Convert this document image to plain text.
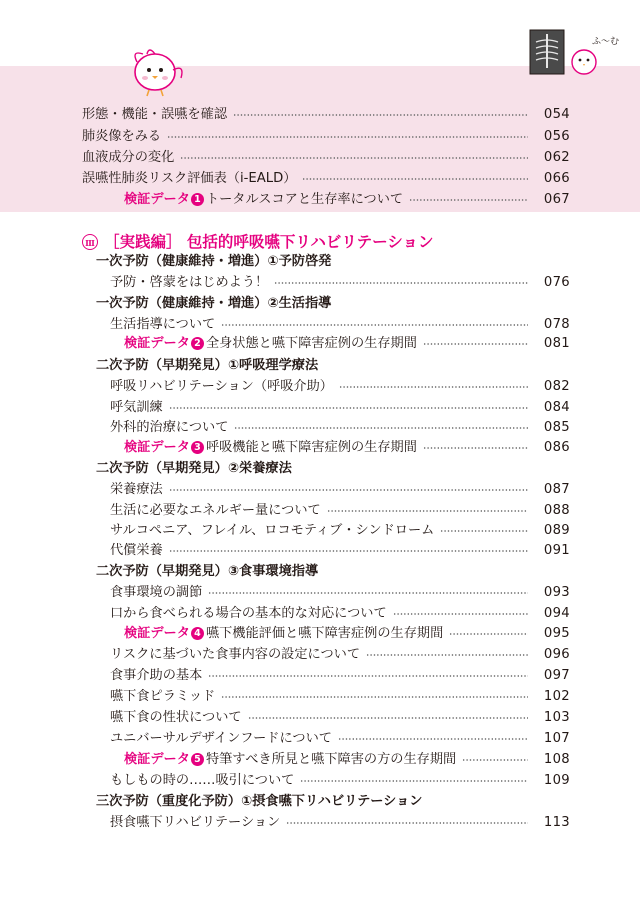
ふ〜む
形態・機能・誤嚥を確認	054
肺炎像をみる	056
血液成分の変化	062
誤嚥性肺炎リスク評価表（i-EALD）	066
検証データ 1 トータルスコアと生存率について	067
Ⅲ ［実践編］ 包括的呼吸嚥下リハビリテーション
一次予防（健康維持・増進）①予防啓発
予防・啓蒙をはじめよう！	076
一次予防（健康維持・増進）②生活指導
生活指導について	078
検証データ 2 全身状態と嚥下障害症例の生存期間	081
二次予防（早期発見）①呼吸理学療法
呼吸リハビリテーション（呼吸介助）	082
呼気訓練	084
外科的治療について	085
検証データ 3 呼吸機能と嚥下障害症例の生存期間	086
二次予防（早期発見）②栄養療法
栄養療法	087
生活に必要なエネルギー量について	088
サルコペニア、フレイル、ロコモティブ・シンドローム	089
代償栄養	091
二次予防（早期発見）③食事環境指導
食事環境の調節	093
口から食べられる場合の基本的な対応について	094
検証データ 4 嚥下機能評価と嚥下障害症例の生存期間	095
リスクに基づいた食事内容の設定について	096
食事介助の基本	097
嚥下食ピラミッド	102
嚥下食の性状について	103
ユニバーサルデザインフードについて	107
検証データ 5 特筆すべき所見と嚥下障害の方の生存期間	108
もしもの時の……吸引について	109
三次予防（重度化予防）①摂食嚥下リハビリテーション
摂食嚥下リハビリテーション	113
